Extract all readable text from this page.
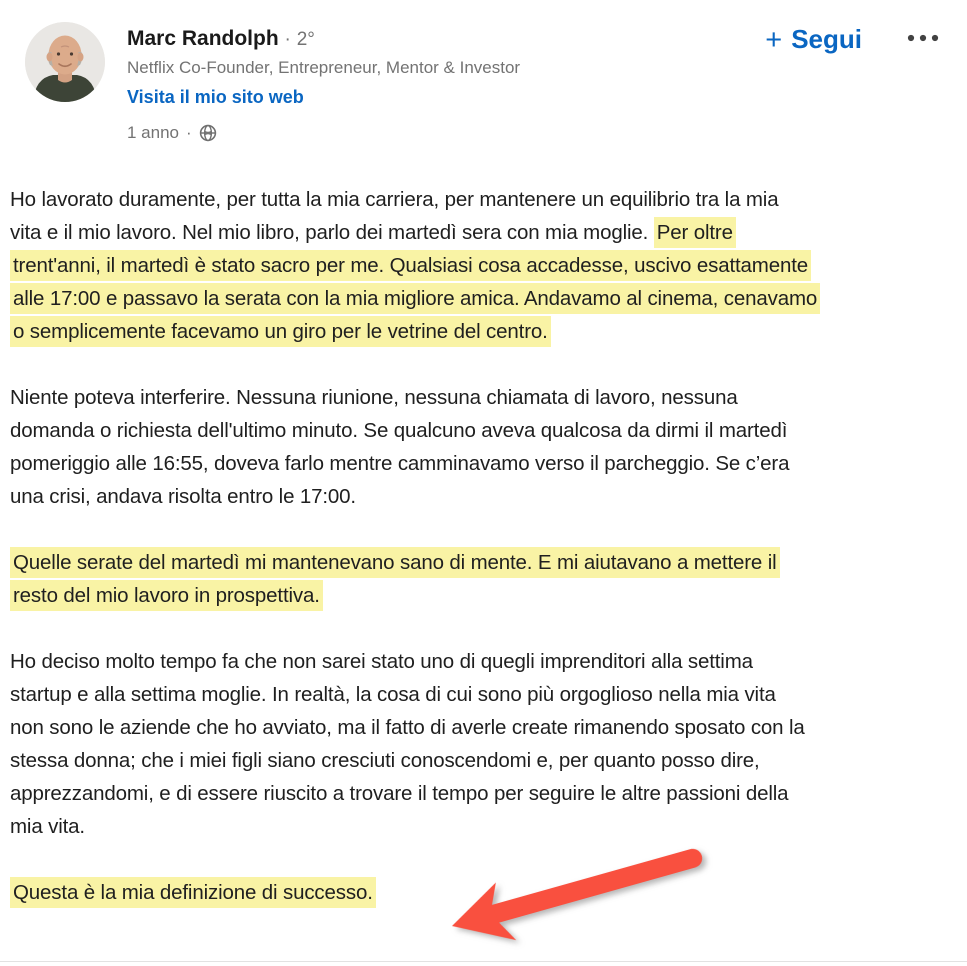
Marc Randolph · 2°
Netflix Co-Founder, Entrepreneur, Mentor & Investor
Visita il mio sito web
1 anno ·
+ Segui

Ho lavorato duramente, per tutta la mia carriera, per mantenere un equilibrio tra la mia
vita e il mio lavoro. Nel mio libro, parlo dei martedì sera con mia moglie. Per oltre
trent'anni, il martedì è stato sacro per me. Qualsiasi cosa accadesse, uscivo esattamente
alle 17:00 e passavo la serata con la mia migliore amica. Andavamo al cinema, cenavamo
o semplicemente facevamo un giro per le vetrine del centro.

Niente poteva interferire. Nessuna riunione, nessuna chiamata di lavoro, nessuna
domanda o richiesta dell'ultimo minuto. Se qualcuno aveva qualcosa da dirmi il martedì
pomeriggio alle 16:55, doveva farlo mentre camminavamo verso il parcheggio. Se c’era
una crisi, andava risolta entro le 17:00.

Quelle serate del martedì mi mantenevano sano di mente. E mi aiutavano a mettere il
resto del mio lavoro in prospettiva.

Ho deciso molto tempo fa che non sarei stato uno di quegli imprenditori alla settima
startup e alla settima moglie. In realtà, la cosa di cui sono più orgoglioso nella mia vita
non sono le aziende che ho avviato, ma il fatto di averle create rimanendo sposato con la
stessa donna; che i miei figli siano cresciuti conoscendomi e, per quanto posso dire,
apprezzandomi, e di essere riuscito a trovare il tempo per seguire le altre passioni della
mia vita.

Questa è la mia definizione di successo.
